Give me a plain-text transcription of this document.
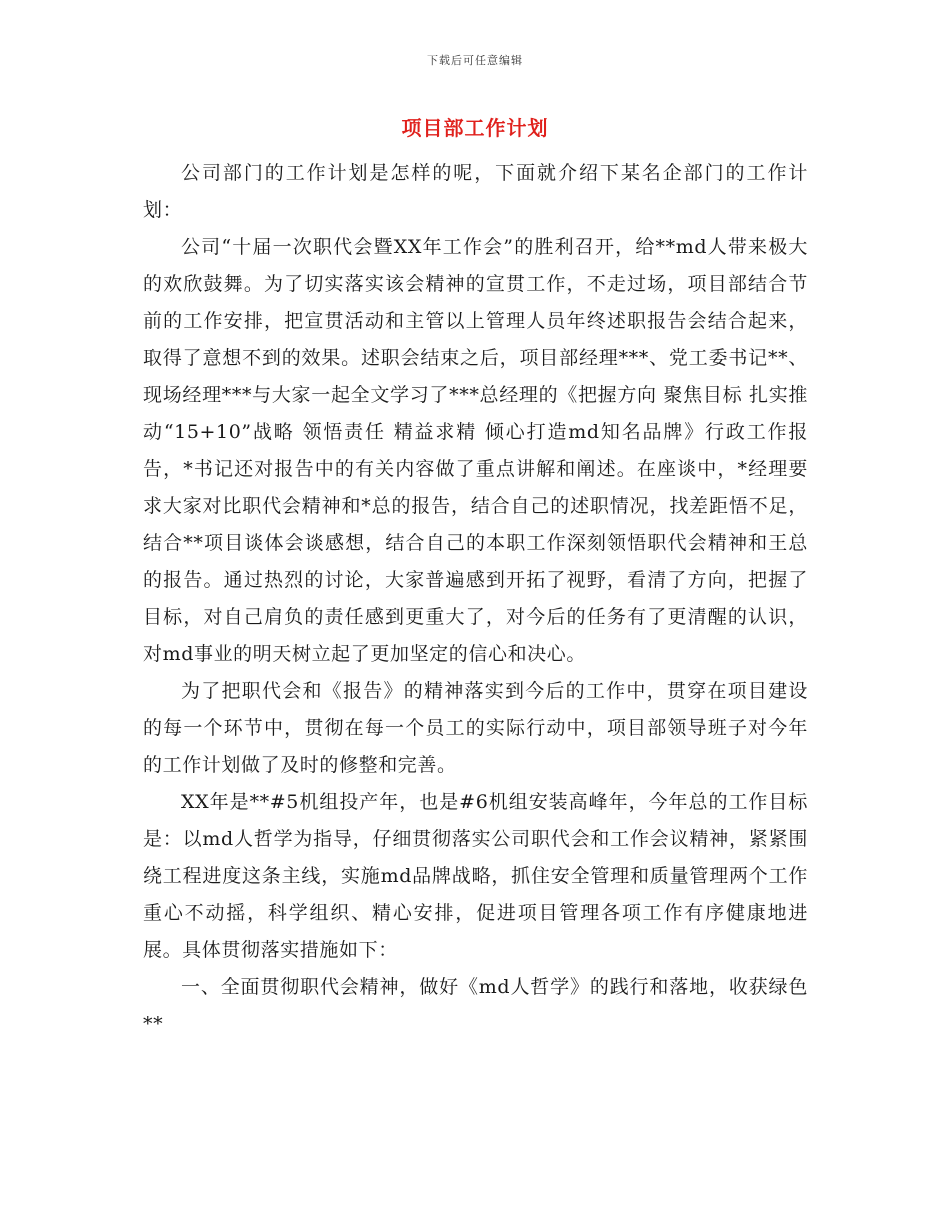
下载后可任意编辑
项目部工作计划

公司部门的工作计划是怎样的呢，下面就介绍下某名企部门的工作计划：

公司“十届一次职代会暨XX年工作会”的胜利召开，给**md人带来极大的欢欣鼓舞。为了切实落实该会精神的宣贯工作，不走过场，项目部结合节前的工作安排，把宣贯活动和主管以上管理人员年终述职报告会结合起来，取得了意想不到的效果。述职会结束之后，项目部经理***、党工委书记**、现场经理***与大家一起全文学习了***总经理的《把握方向 聚焦目标 扎实推动“15+10”战略 领悟责任 精益求精 倾心打造md知名品牌》行政工作报告，*书记还对报告中的有关内容做了重点讲解和阐述。在座谈中，*经理要求大家对比职代会精神和*总的报告，结合自己的述职情况，找差距悟不足，结合**项目谈体会谈感想，结合自己的本职工作深刻领悟职代会精神和王总的报告。通过热烈的讨论，大家普遍感到开拓了视野，看清了方向，把握了目标，对自己肩负的责任感到更重大了，对今后的任务有了更清醒的认识，对md事业的明天树立起了更加坚定的信心和决心。

为了把职代会和《报告》的精神落实到今后的工作中，贯穿在项目建设的每一个环节中，贯彻在每一个员工的实际行动中，项目部领导班子对今年的工作计划做了及时的修整和完善。

XX年是**#5机组投产年，也是#6机组安装高峰年，今年总的工作目标是：以md人哲学为指导，仔细贯彻落实公司职代会和工作会议精神，紧紧围绕工程进度这条主线，实施md品牌战略，抓住安全管理和质量管理两个工作重心不动摇，科学组织、精心安排，促进项目管理各项工作有序健康地进展。具体贯彻落实措施如下：

一、全面贯彻职代会精神，做好《md人哲学》的践行和落地，收获绿色**
